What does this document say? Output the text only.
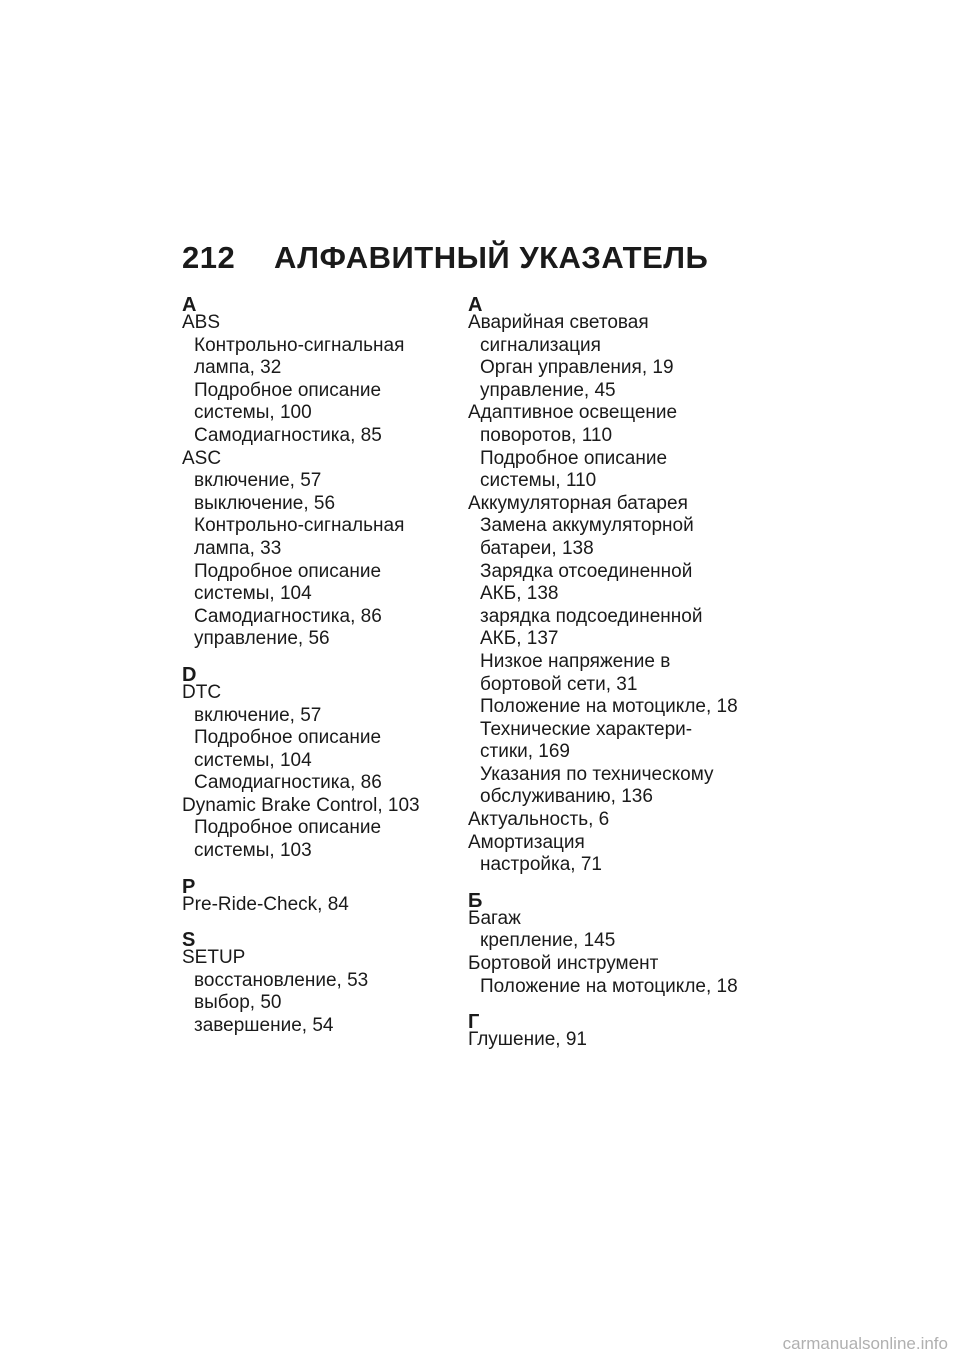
212 АЛФАВИТНЫЙ УКАЗАТЕЛЬ
A
ABS
Контрольно-сигнальная
лампа, 32
Подробное описание
системы, 100
Самодиагностика, 85
ASC
включение, 57
выключение, 56
Контрольно-сигнальная
лампа, 33
Подробное описание
системы, 104
Самодиагностика, 86
управление, 56
D
DTC
включение, 57
Подробное описание
системы, 104
Самодиагностика, 86
Dynamic Brake Control, 103
Подробное описание
системы, 103
P
Pre-Ride-Check, 84
S
SETUP
восстановление, 53
выбор, 50
завершение, 54
А
Аварийная световая
сигнализация
Орган управления, 19
управление, 45
Адаптивное освещение
поворотов, 110
Подробное описание
системы, 110
Аккумуляторная батарея
Замена аккумуляторной
батареи, 138
Зарядка отсоединенной
АКБ, 138
зарядка подсоединенной
АКБ, 137
Низкое напряжение в
бортовой сети, 31
Положение на мотоцикле, 18
Технические характери-
стики, 169
Указания по техническому
обслуживанию, 136
Актуальность, 6
Амортизация
настройка, 71
Б
Багаж
крепление, 145
Бортовой инструмент
Положение на мотоцикле, 18
Г
Глушение, 91
carmanualsonline.info
